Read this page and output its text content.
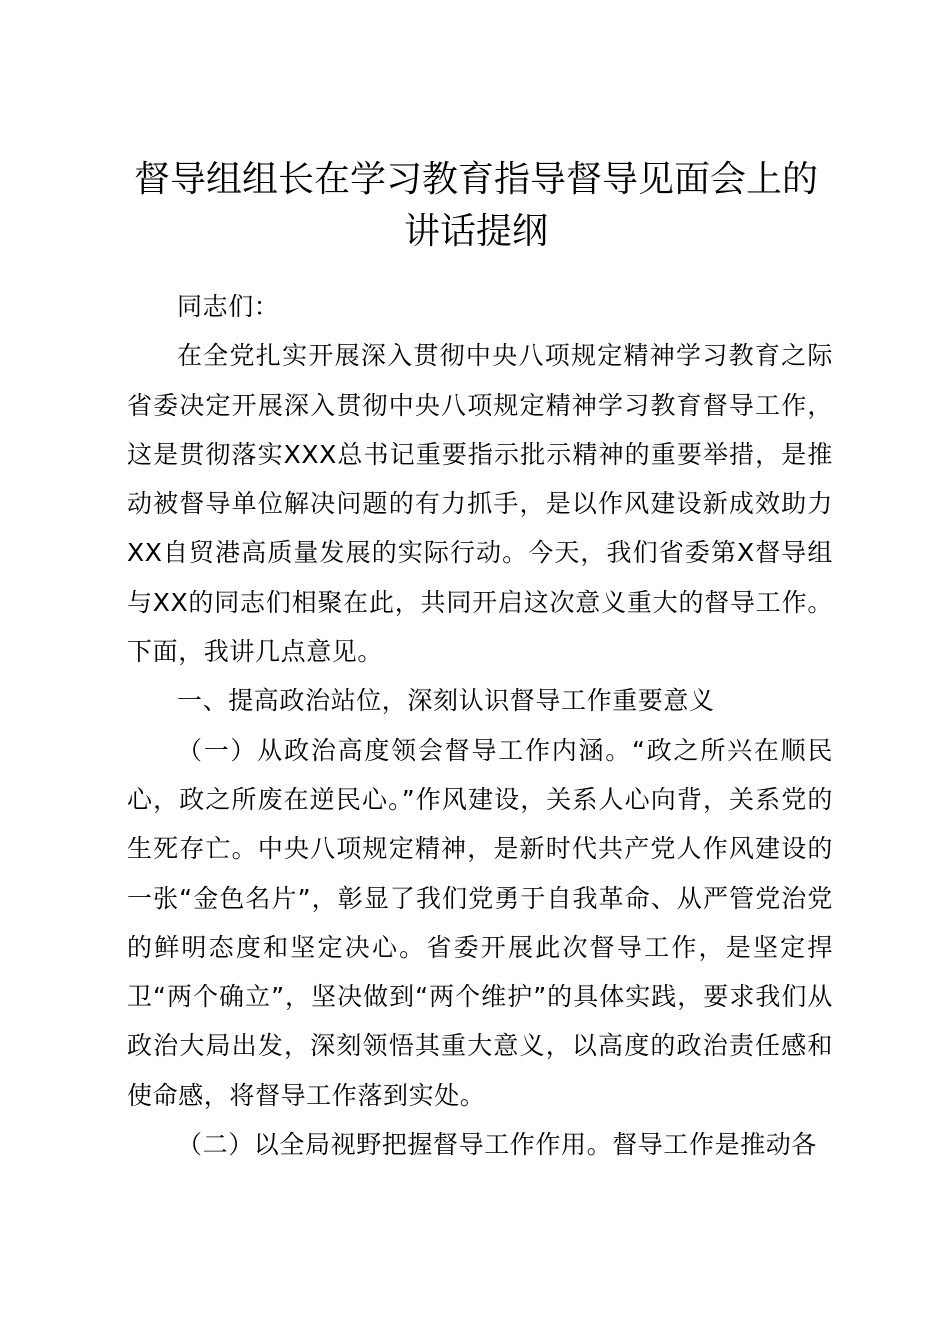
督导组组长在学习教育指导督导见面会上的讲话提纲

同志们：

在全党扎实开展深入贯彻中央八项规定精神学习教育之际省委决定开展深入贯彻中央八项规定精神学习教育督导工作，这是贯彻落实XXX总书记重要指示批示精神的重要举措，是推动被督导单位解决问题的有力抓手，是以作风建设新成效助力XX自贸港高质量发展的实际行动。今天，我们省委第X督导组与XX的同志们相聚在此，共同开启这次意义重大的督导工作。下面，我讲几点意见。

一、提高政治站位，深刻认识督导工作重要意义

（一）从政治高度领会督导工作内涵。“政之所兴在顺民心，政之所废在逆民心。”作风建设，关系人心向背，关系党的生死存亡。中央八项规定精神，是新时代共产党人作风建设的一张“金色名片”，彰显了我们党勇于自我革命、从严管党治党的鲜明态度和坚定决心。省委开展此次督导工作，是坚定捍卫“两个确立”，坚决做到“两个维护”的具体实践，要求我们从政治大局出发，深刻领悟其重大意义，以高度的政治责任感和使命感，将督导工作落到实处。

（二）以全局视野把握督导工作作用。督导工作是推动各
